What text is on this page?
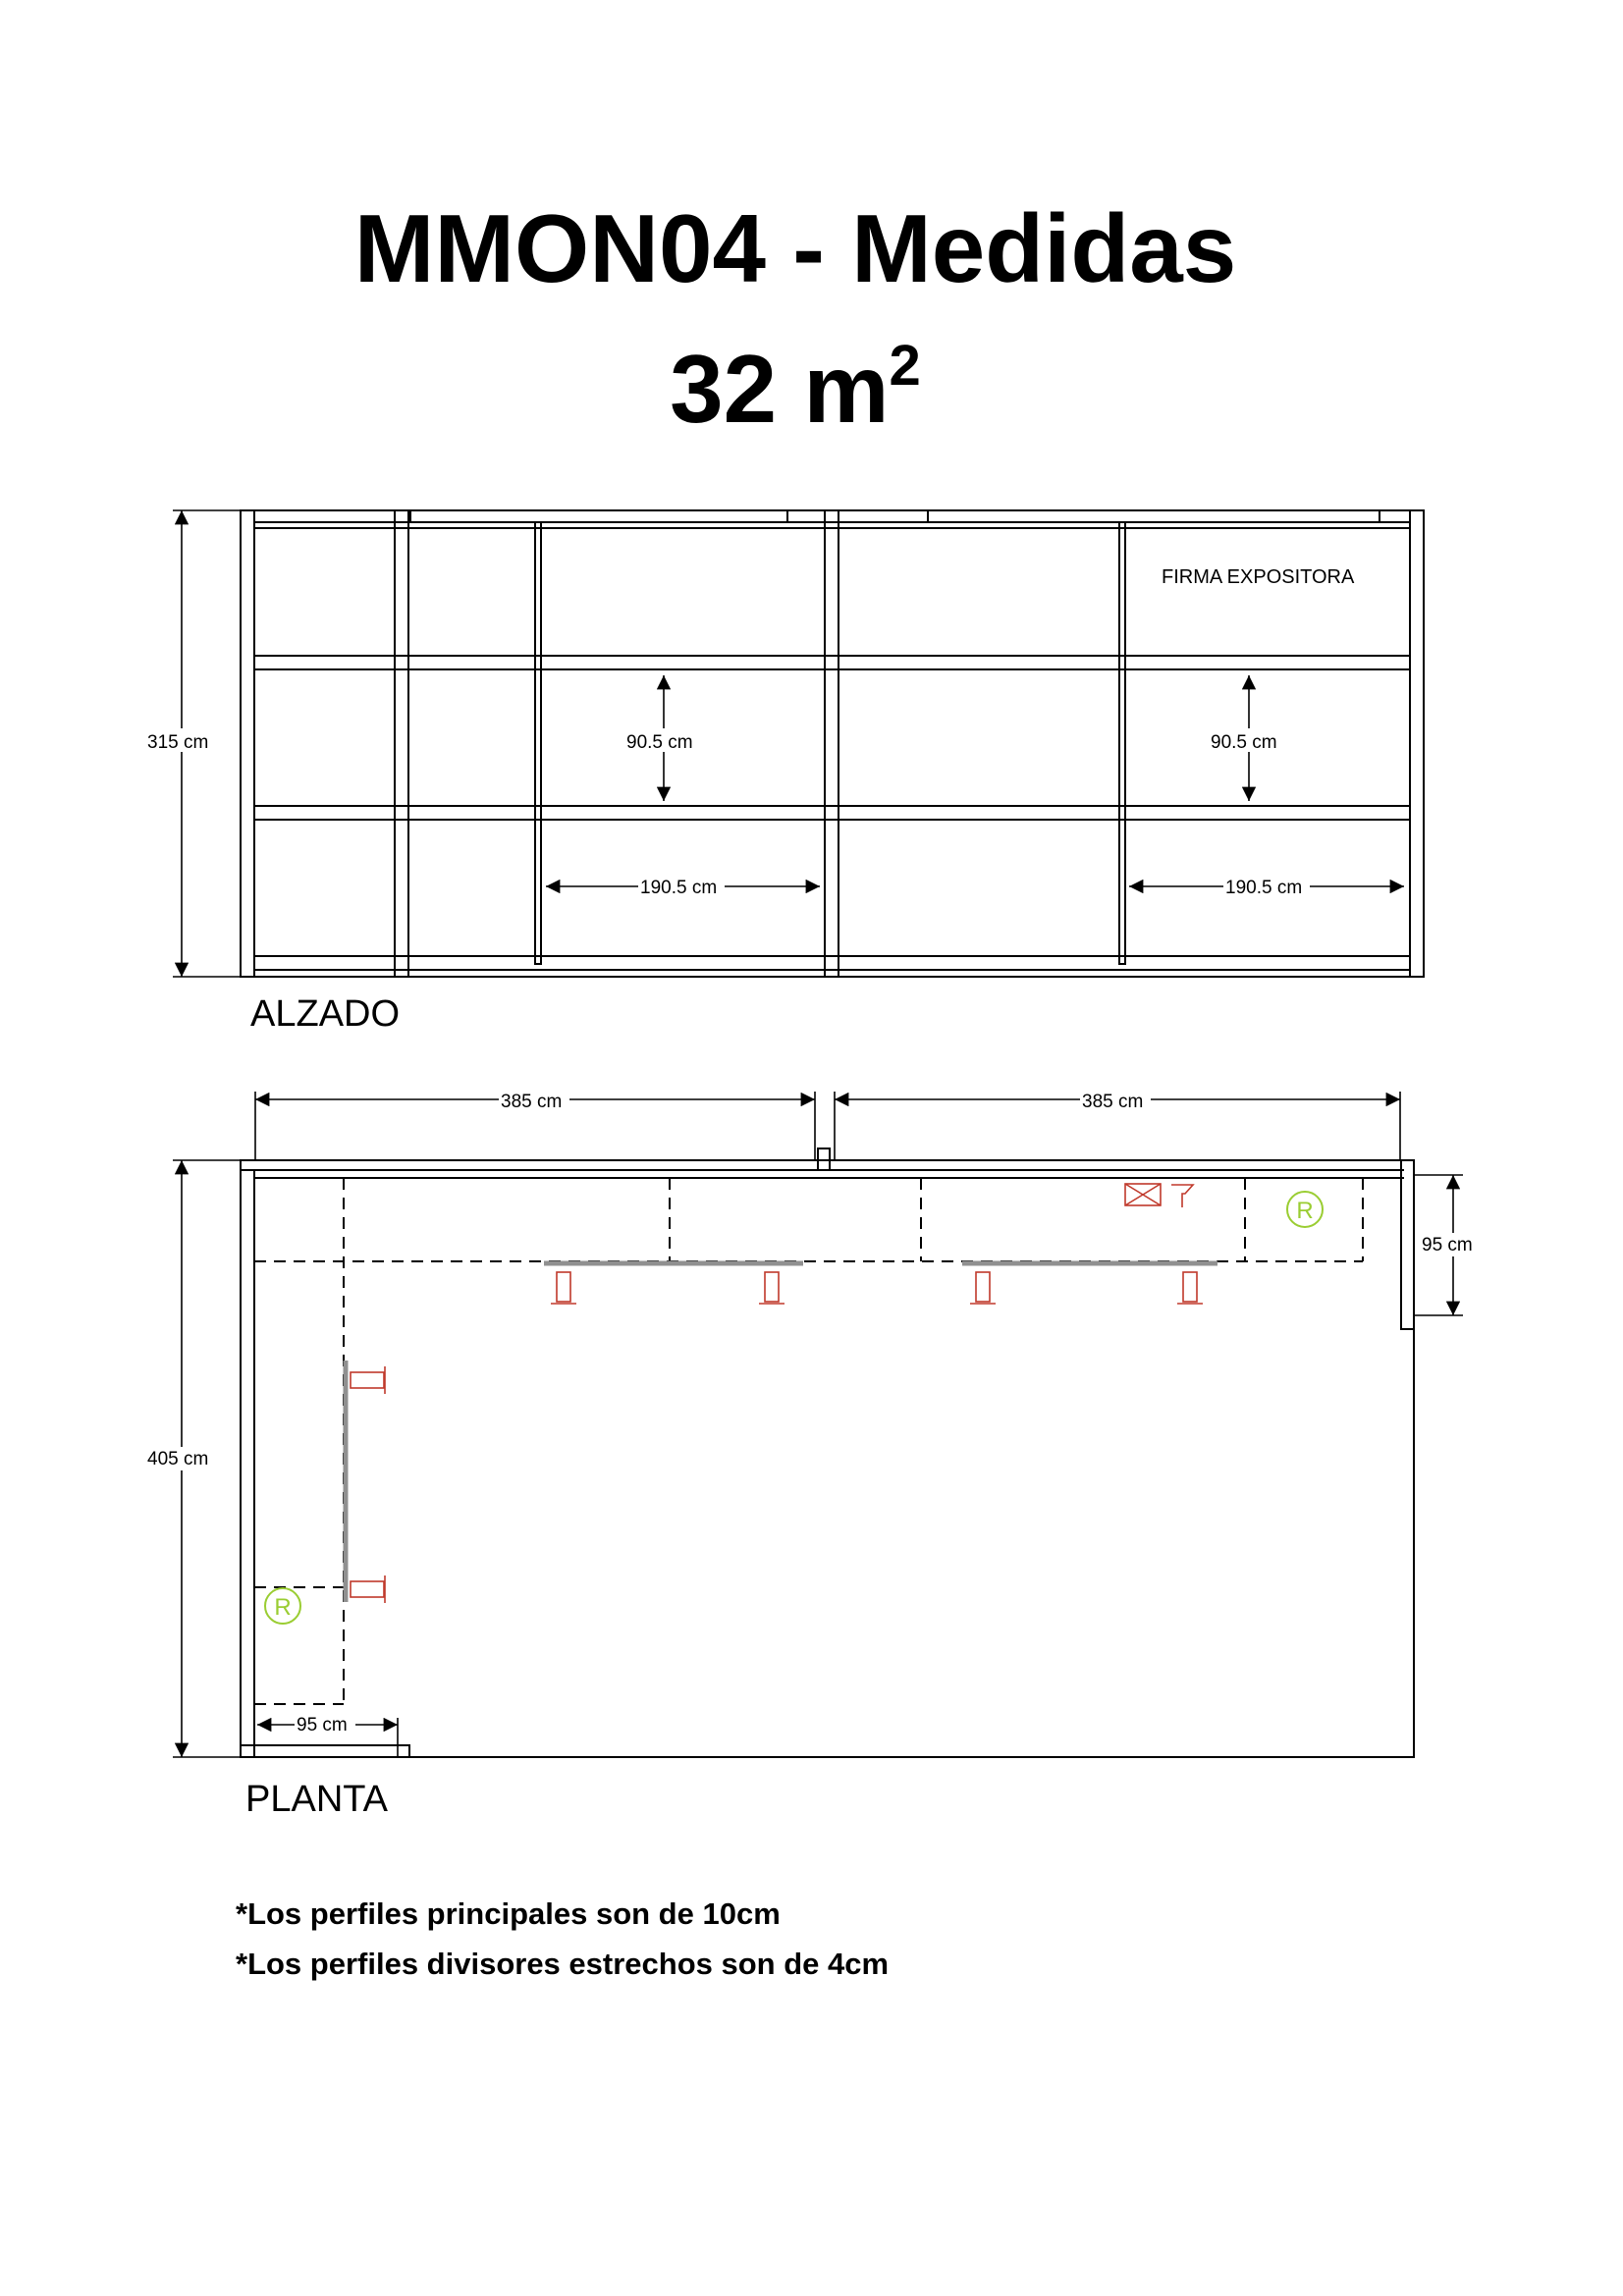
MMON04 - Medidas
32 $m^2$
315 cm	90.5 cm	90.5 cm
190.5 cm	190.5 cm
FIRMA EXPOSITORA
R
R
385 cm	385 cm
405 cm
95 cm
95 cm
ALZADO
PLANTA
*Los perfiles principales son de 10cm
*Los perfiles divisores estrechos son de 4cm
